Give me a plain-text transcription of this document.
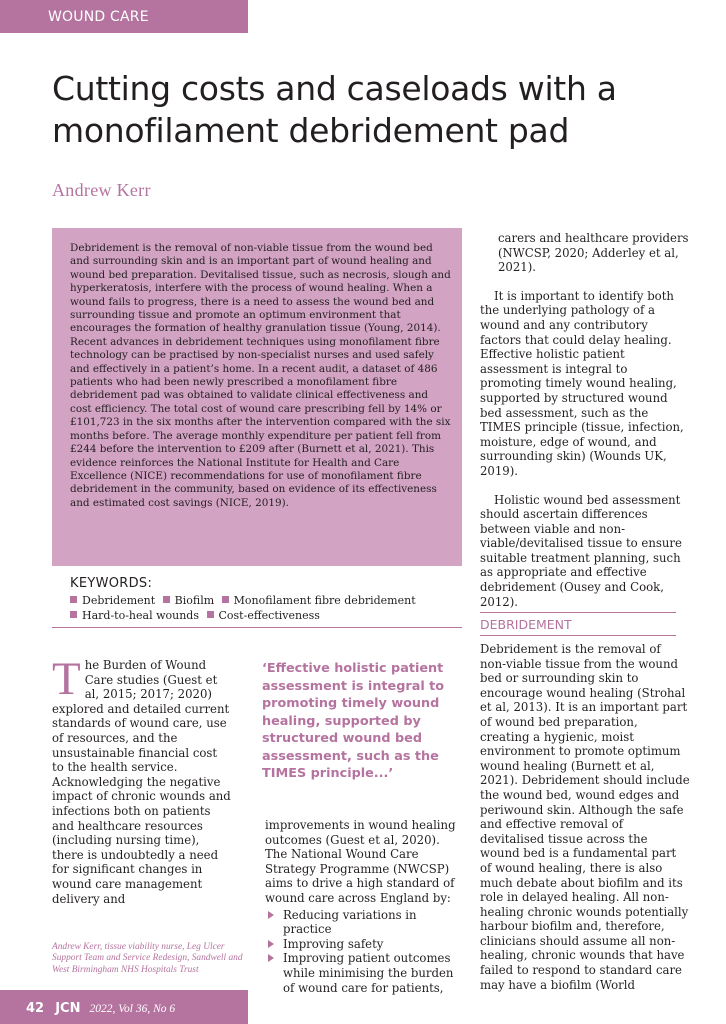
WOUND CARE
Cutting costs and caseloads with a monofilament debridement pad
Andrew Kerr

Debridement is the removal of non-viable tissue from the wound bed and surrounding skin and is an important part of wound healing and wound bed preparation. Devitalised tissue, such as necrosis, slough and hyperkeratosis, interfere with the process of wound healing. When a wound fails to progress, there is a need to assess the wound bed and surrounding tissue and promote an optimum environment that encourages the formation of healthy granulation tissue (Young, 2014). Recent advances in debridement techniques using monofilament fibre technology can be practised by non-specialist nurses and used safely and effectively in a patient’s home. In a recent audit, a dataset of 486 patients who had been newly prescribed a monofilament fibre debridement pad was obtained to validate clinical effectiveness and cost efficiency. The total cost of wound care prescribing fell by 14% or £101,723 in the six months after the intervention compared with the six months before. The average monthly expenditure per patient fell from £244 before the intervention to £209 after (Burnett et al, 2021). This evidence reinforces the National Institute for Health and Care Excellence (NICE) recommendations for use of monofilament fibre debridement in the community, based on evidence of its effectiveness and estimated cost savings (NICE, 2019).

KEYWORDS:
Debridement Biofilm Monofilament fibre debridement
Hard-to-heal wounds Cost-effectiveness

The Burden of Wound Care studies (Guest et al, 2015; 2017; 2020) explored and detailed current standards of wound care, use of resources, and the unsustainable financial cost to the health service. Acknowledging the negative impact of chronic wounds and infections both on patients and healthcare resources (including nursing time), there is undoubtedly a need for significant changes in wound care management delivery and

‘Effective holistic patient assessment is integral to promoting timely wound healing, supported by structured wound bed assessment, such as the TIMES principle...’

improvements in wound healing outcomes (Guest et al, 2020). The National Wound Care Strategy Programme (NWCSP) aims to drive a high standard of wound care across England by:

Reducing variations in practice
Improving safety
Improving patient outcomes while minimising the burden of wound care for patients,

carers and healthcare providers (NWCSP, 2020; Adderley et al, 2021).

It is important to identify both the underlying pathology of a wound and any contributory factors that could delay healing. Effective holistic patient assessment is integral to promoting timely wound healing, supported by structured wound bed assessment, such as the TIMES principle (tissue, infection, moisture, edge of wound, and surrounding skin) (Wounds UK, 2019).

Holistic wound bed assessment should ascertain differences between viable and non-viable/devitalised tissue to ensure suitable treatment planning, such as appropriate and effective debridement (Ousey and Cook, 2012).

DEBRIDEMENT

Debridement is the removal of non-viable tissue from the wound bed or surrounding skin to encourage wound healing (Strohal et al, 2013). It is an important part of wound bed preparation, creating a hygienic, moist environment to promote optimum wound healing (Burnett et al, 2021). Debridement should include the wound bed, wound edges and periwound skin. Although the safe and effective removal of devitalised tissue across the wound bed is a fundamental part of wound healing, there is also much debate about biofilm and its role in delayed healing. All non-healing chronic wounds potentially harbour biofilm and, therefore, clinicians should assume all non-healing, chronic wounds that have failed to respond to standard care may have a biofilm (World

Andrew Kerr, tissue viability nurse, Leg Ulcer Support Team and Service Redesign, Sandwell and West Birmingham NHS Hospitals Trust
42 JCN 2022, Vol 36, No 6
